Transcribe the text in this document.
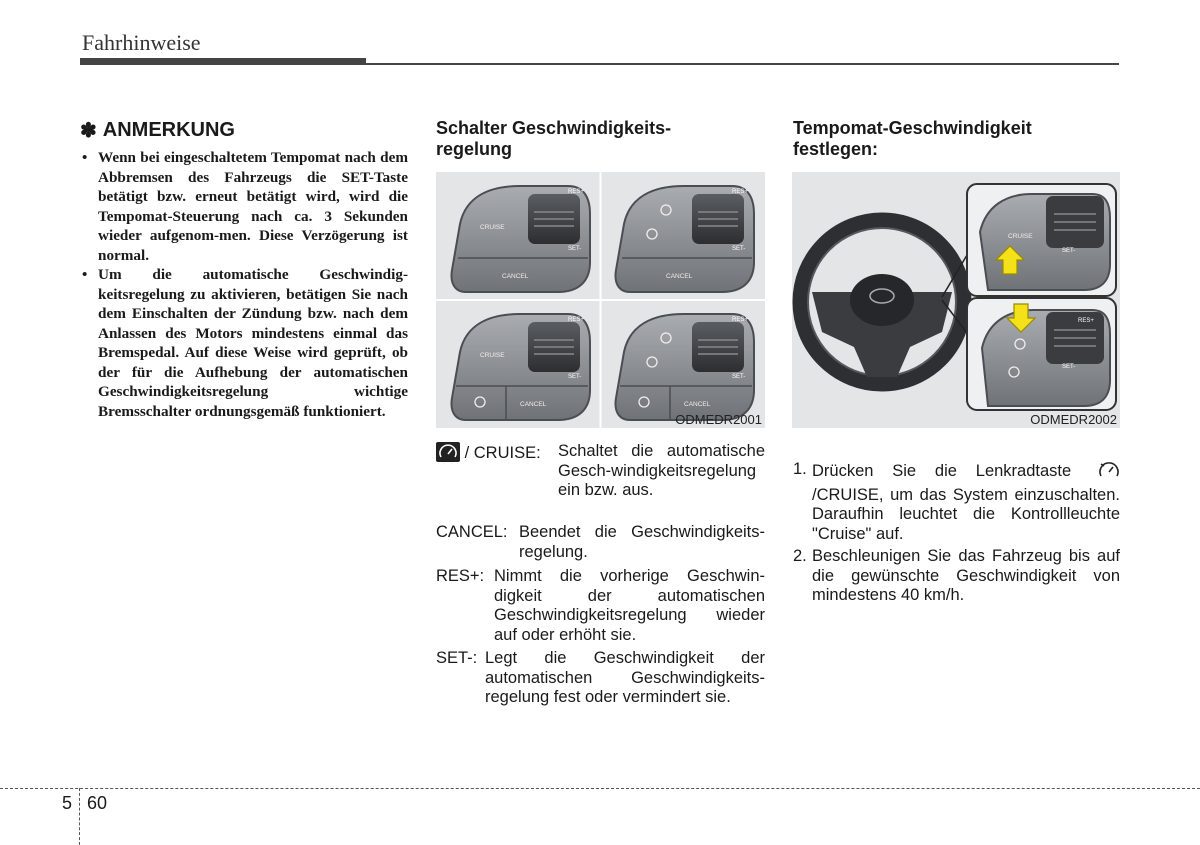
Fahrhinweise
✽ ANMERKUNG
• Wenn bei eingeschaltetem Tempomat nach dem Abbremsen des Fahrzeugs die SET-Taste betätigt bzw. erneut betätigt wird, wird die Tempomat-Steuerung nach ca. 3 Sekunden wieder aufgenom-men. Diese Verzögerung ist normal.
• Um die automatische Geschwindig-keitsregelung zu aktivieren, betätigen Sie nach dem Einschalten der Zündung bzw. nach dem Anlassen des Motors mindestens einmal das Bremspedal. Auf diese Weise wird geprüft, ob der für die Aufhebung der automatischen Geschwindigkeitsregelung wichtige Bremsschalter ordnungsgemäß funktioniert.

Schalter Geschwindigkeits-
regelung

RES+
SET-
CRUISE
CANCEL
RES+
SET-
CANCEL
RES+
SET-
CRUISE
CANCEL
RES+
SET-
CANCEL
ODMEDR2001
/ CRUISE:	Schaltet die automatische Gesch-windigkeitsregelung ein bzw. aus.
CANCEL: Beendet die Geschwindigkeits-regelung.
RES+: Nimmt die vorherige Geschwin-digkeit der automatischen Geschwindigkeitsregelung wieder auf oder erhöht sie.
SET-: Legt die Geschwindigkeit der automatischen Geschwindigkeits-regelung fest oder vermindert sie.

Tempomat-Geschwindigkeit
festlegen:

CRUISE
SET-
RES+
SET-
ODMEDR2002
1. Drücken Sie die Lenkradtaste  /CRUISE, um das System einzuschalten. Daraufhin leuchtet die Kontrollleuchte "Cruise" auf.
2. Beschleunigen Sie das Fahrzeug bis auf die gewünschte Geschwindigkeit von mindestens 40 km/h.
5 60
